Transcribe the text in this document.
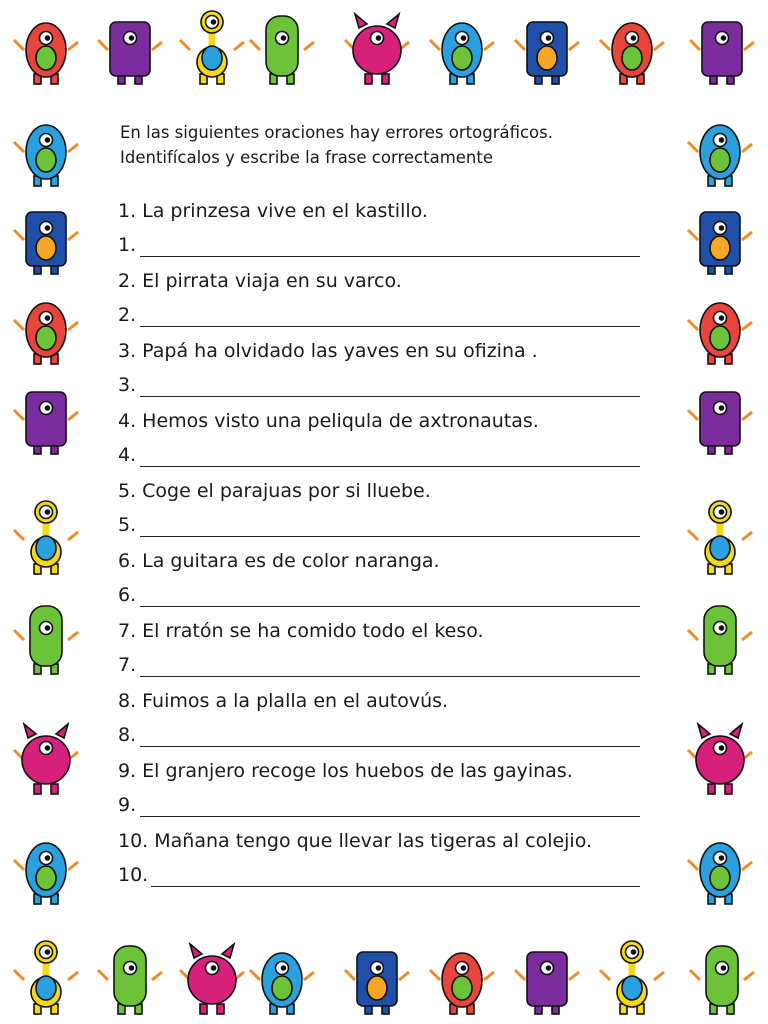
En las siguientes oraciones hay errores ortográficos.
Identifícalos y escribe la frase correctamente
1. La prinzesa vive en el kastillo.
1.
2. El pirrata viaja en su varco.
2.
3. Papá ha olvidado las yaves en su ofizina .
3.
4. Hemos visto una peliqula de axtronautas.
4.
5. Coge el parajuas por si lluebe.
5.
6. La guitara es de color naranga.
6.
7. El rratón se ha comido todo el keso.
7.
8. Fuimos a la plalla en el autovús.
8.
9. El granjero recoge los huebos de las gayinas.
9.
10. Mañana tengo que llevar las tigeras al colejio.
10.
